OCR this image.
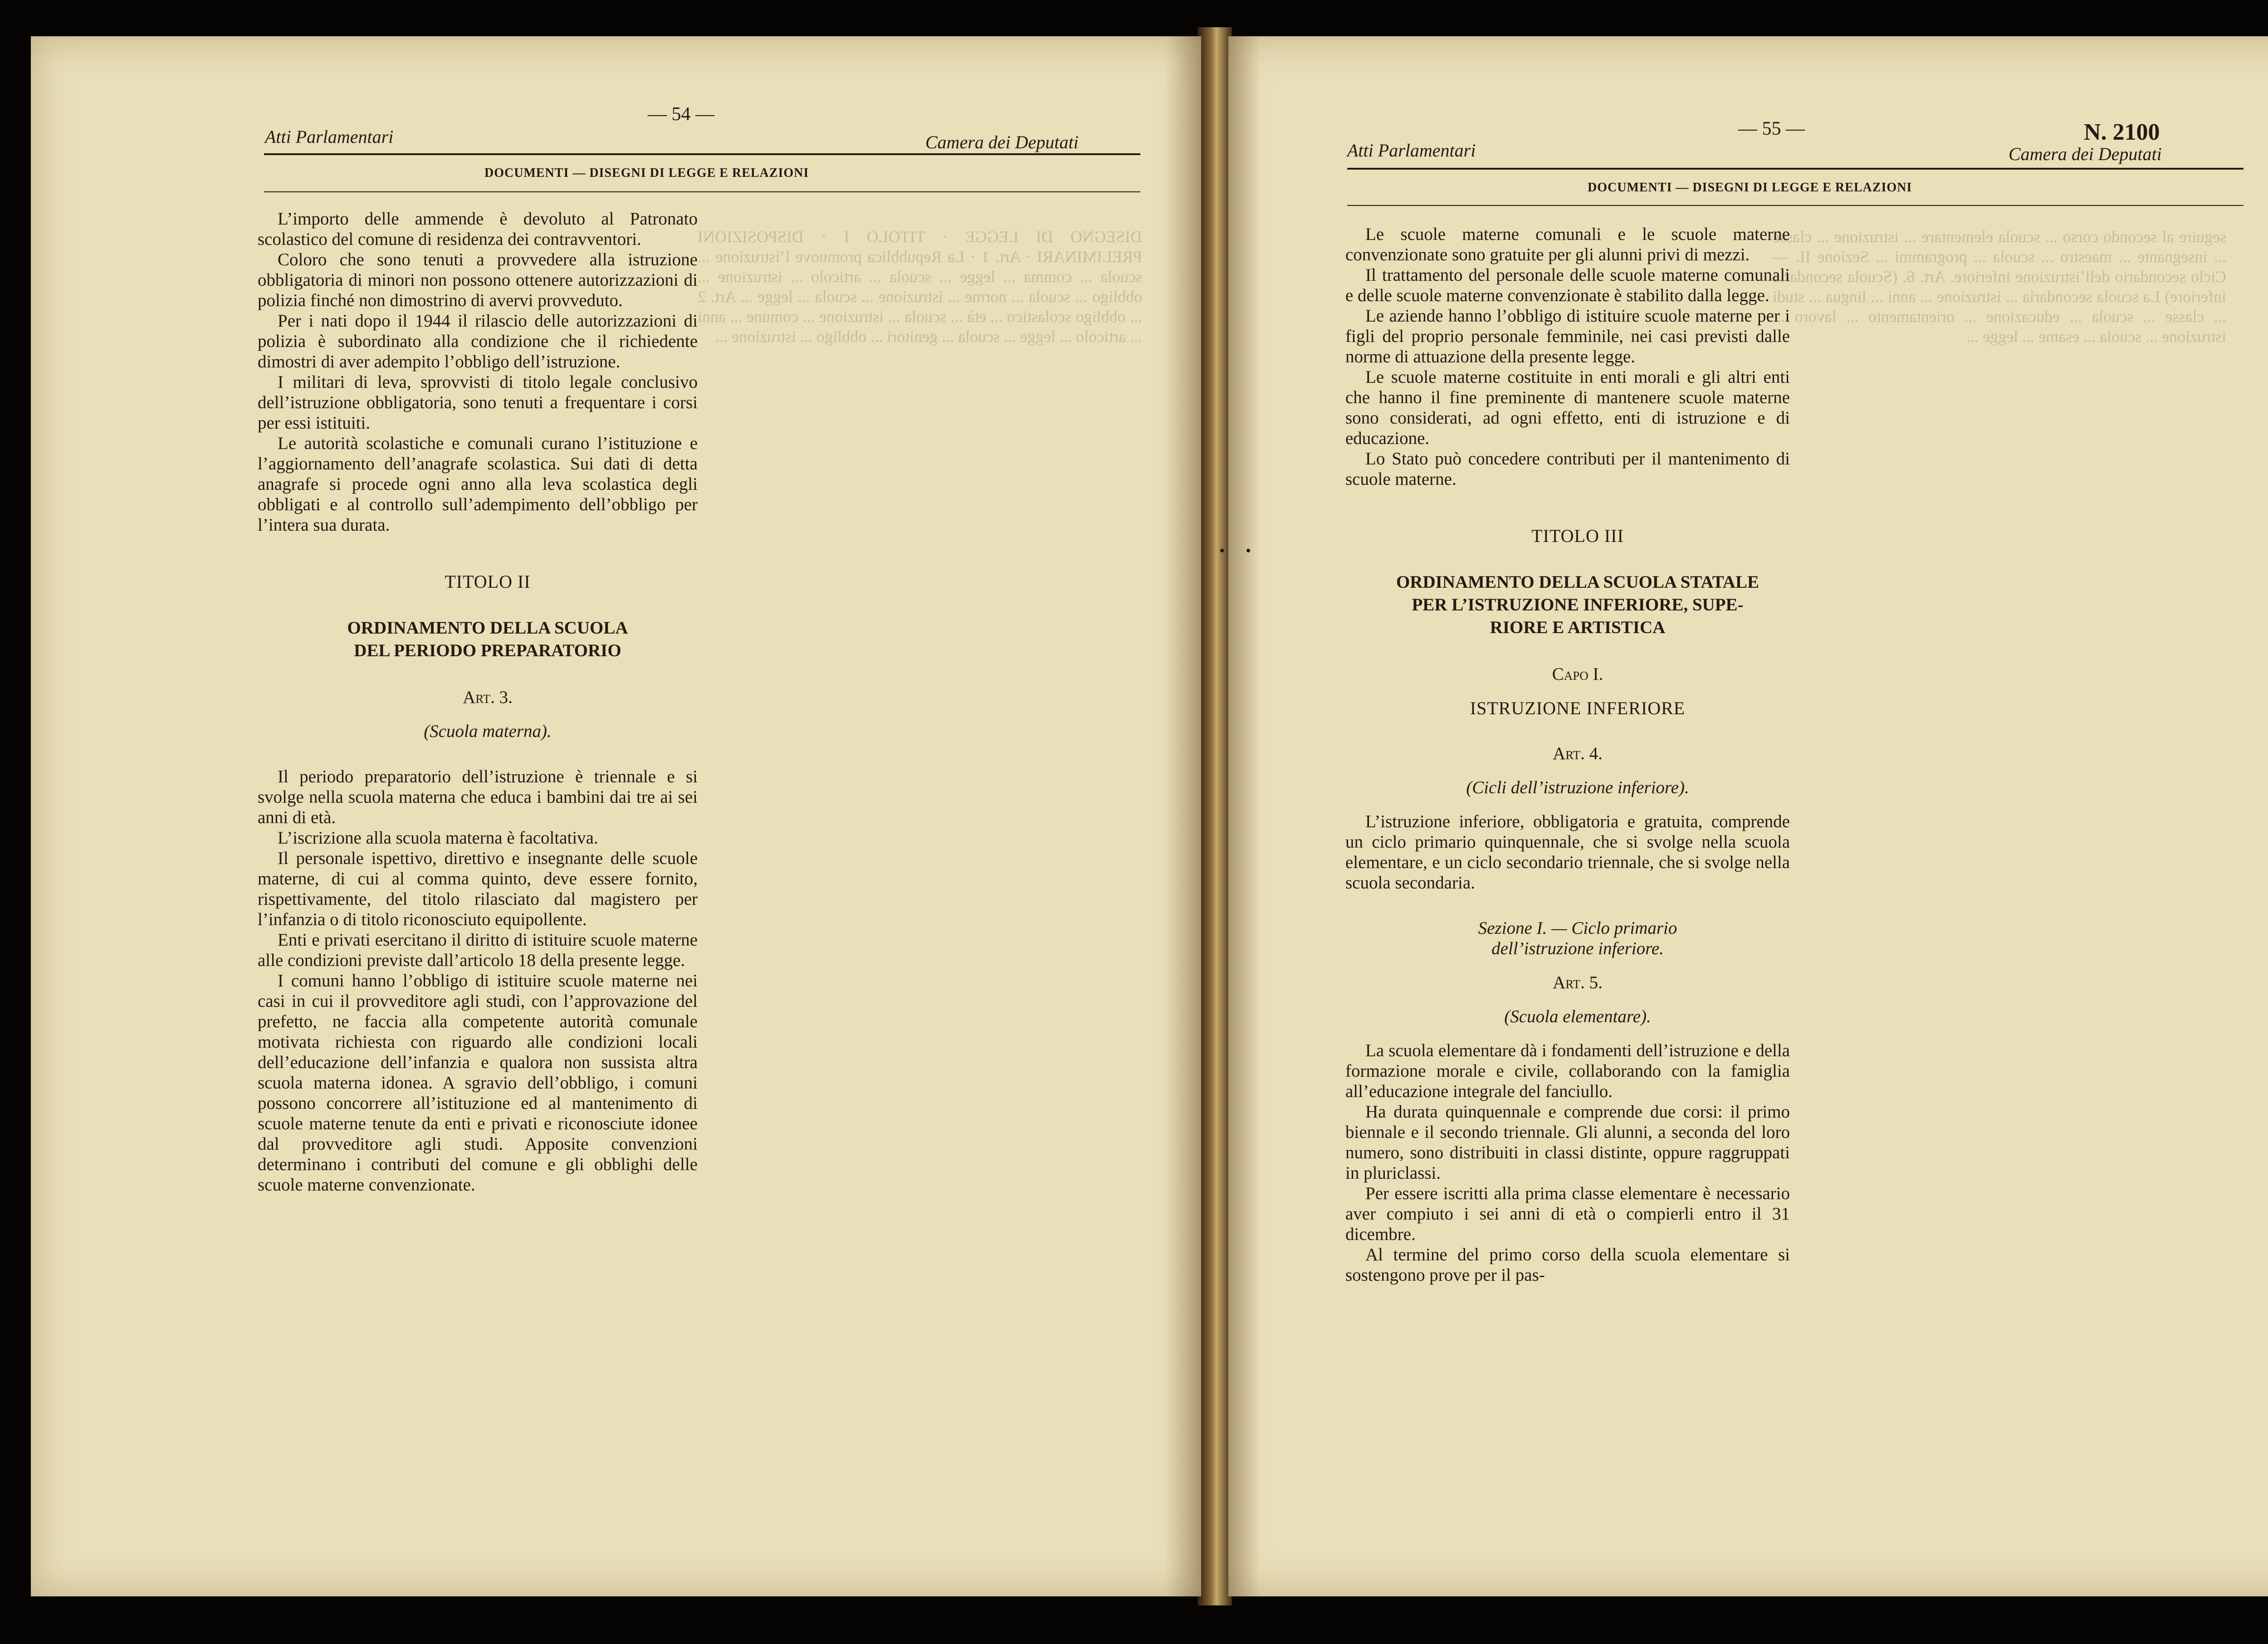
DISEGNO DI LEGGE · TITOLO I · DISPOSIZIONI PRELIMINARI · Art. 1 · La Repubblica promuove l’istruzione ... scuola ... comma ... legge ... scuola ... articolo ... istruzione ... obbligo ... scuola ... norme ... istruzione ... scuola ... legge ... Art. 2 ... obbligo scolastico ... età ... scuola ... istruzione ... comune ... anni ... articolo ... legge ... scuola ... genitori ... obbligo ... istruzione ...
— 54 —
Atti Parlamentari	Camera dei Deputati
DOCUMENTI — DISEGNI DI LEGGE E RELAZIONI

L’importo delle ammende è devoluto al Patronato scolastico del comune di residenza dei contravventori.

Coloro che sono tenuti a provvedere alla istruzione obbligatoria di minori non possono ottenere autorizzazioni di polizia finché non dimostrino di avervi provveduto.

Per i nati dopo il 1944 il rilascio delle autorizzazioni di polizia è subordinato alla condizione che il richiedente dimostri di aver adempito l’obbligo dell’istruzione.

I militari di leva, sprovvisti di titolo legale conclusivo dell’istruzione obbligatoria, sono tenuti a frequentare i corsi per essi istituiti.

Le autorità scolastiche e comunali curano l’istituzione e l’aggiornamento dell’anagrafe scolastica. Sui dati di detta anagrafe si procede ogni anno alla leva scolastica degli obbligati e al controllo sull’adempimento dell’obbligo per l’intera sua durata.

TITOLO II

ORDINAMENTO DELLA SCUOLA

DEL PERIODO PREPARATORIO

Art. 3.

(Scuola materna).

Il periodo preparatorio dell’istruzione è triennale e si svolge nella scuola materna che educa i bambini dai tre ai sei anni di età.

L’iscrizione alla scuola materna è facoltativa.

Il personale ispettivo, direttivo e insegnante delle scuole materne, di cui al comma quinto, deve essere fornito, rispettivamente, del titolo rilasciato dal magistero per l’infanzia o di titolo riconosciuto equipollente.

Enti e privati esercitano il diritto di istituire scuole materne alle condizioni previste dall’articolo 18 della presente legge.

I comuni hanno l’obbligo di istituire scuole materne nei casi in cui il provveditore agli studi, con l’approvazione del prefetto, ne faccia alla competente autorità comunale motivata richiesta con riguardo alle condizioni locali dell’educazione dell’infanzia e qualora non sussista altra scuola materna idonea. A sgravio dell’obbligo, i comuni possono concorrere all’istituzione ed al mantenimento di scuole materne tenute da enti e privati e riconosciute idonee dal provveditore agli studi. Apposite convenzioni determinano i contributi del comune e gli obblighi delle scuole materne convenzionate.

seguire al secondo corso ... scuola elementare ... istruzione ... classe ... insegnante ... maestro ... scuola ... programmi ... Sezione II. — Ciclo secondario dell’istruzione inferiore. Art. 6. (Scuola secondaria inferiore) La scuola secondaria ... istruzione ... anni ... lingua ... studi ... classe ... scuola ... educazione ... orientamento ... lavoro ... istruzione ... scuola ... esame ... legge ...
— 55 —	N. 2100
Atti Parlamentari	Camera dei Deputati
DOCUMENTI — DISEGNI DI LEGGE E RELAZIONI

Le scuole materne comunali e le scuole materne convenzionate sono gratuite per gli alunni privi di mezzi.

Il trattamento del personale delle scuole materne comunali e delle scuole materne convenzionate è stabilito dalla legge.

Le aziende hanno l’obbligo di istituire scuole materne per i figli del proprio personale femminile, nei casi previsti dalle norme di attuazione della presente legge.

Le scuole materne costituite in enti morali e gli altri enti che hanno il fine preminente di mantenere scuole materne sono considerati, ad ogni effetto, enti di istruzione e di educazione.

Lo Stato può concedere contributi per il mantenimento di scuole materne.

TITOLO III

ORDINAMENTO DELLA SCUOLA STATALE

PER L’ISTRUZIONE INFERIORE, SUPE-

RIORE E ARTISTICA

Capo I.

ISTRUZIONE INFERIORE

Art. 4.

(Cicli dell’istruzione inferiore).

L’istruzione inferiore, obbligatoria e gratuita, comprende un ciclo primario quinquennale, che si svolge nella scuola elementare, e un ciclo secondario triennale, che si svolge nella scuola secondaria.

Sezione I. — Ciclo primario

dell’istruzione inferiore.

Art. 5.

(Scuola elementare).

La scuola elementare dà i fondamenti dell’istruzione e della formazione morale e civile, collaborando con la famiglia all’educazione integrale del fanciullo.

Ha durata quinquennale e comprende due corsi: il primo biennale e il secondo triennale. Gli alunni, a seconda del loro numero, sono distribuiti in classi distinte, oppure raggruppati in pluriclassi.

Per essere iscritti alla prima classe elementare è necessario aver compiuto i sei anni di età o compierli entro il 31 dicembre.

Al termine del primo corso della scuola elementare si sostengono prove per il pas-
